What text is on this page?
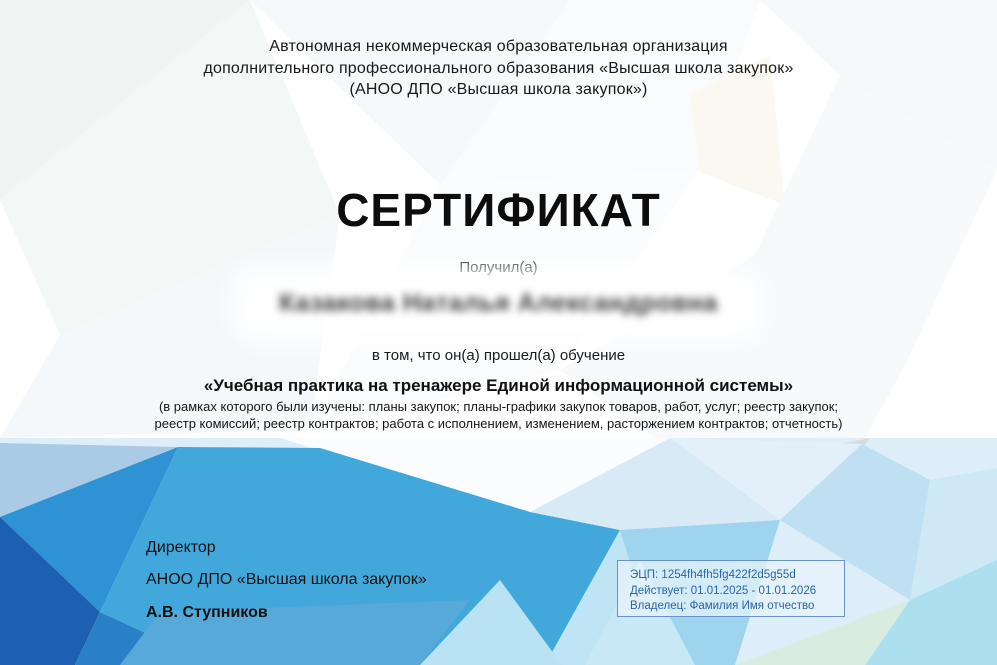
Автономная некоммерческая образовательная организация
дополнительного профессионального образования «Высшая школа закупок»
(АНОО ДПО «Высшая школа закупок»)
СЕРТИФИКАТ
Получил(а)
Казакова Наталья Александровна
в том, что он(а) прошел(а) обучение
«Учебная практика на тренажере Единой информационной системы»
(в рамках которого были изучены: планы закупок; планы-графики закупок товаров, работ, услуг; реестр закупок;
реестр комиссий; реестр контрактов; работа с исполнением, изменением, расторжением контрактов; отчетность)
Директор
АНОО ДПО «Высшая школа закупок»
А.В. Ступников
ЭЦП: 1254fh4fh5fg422f2d5g55d
Действует: 01.01.2025 - 01.01.2026
Владелец: Фамилия Имя отчество
